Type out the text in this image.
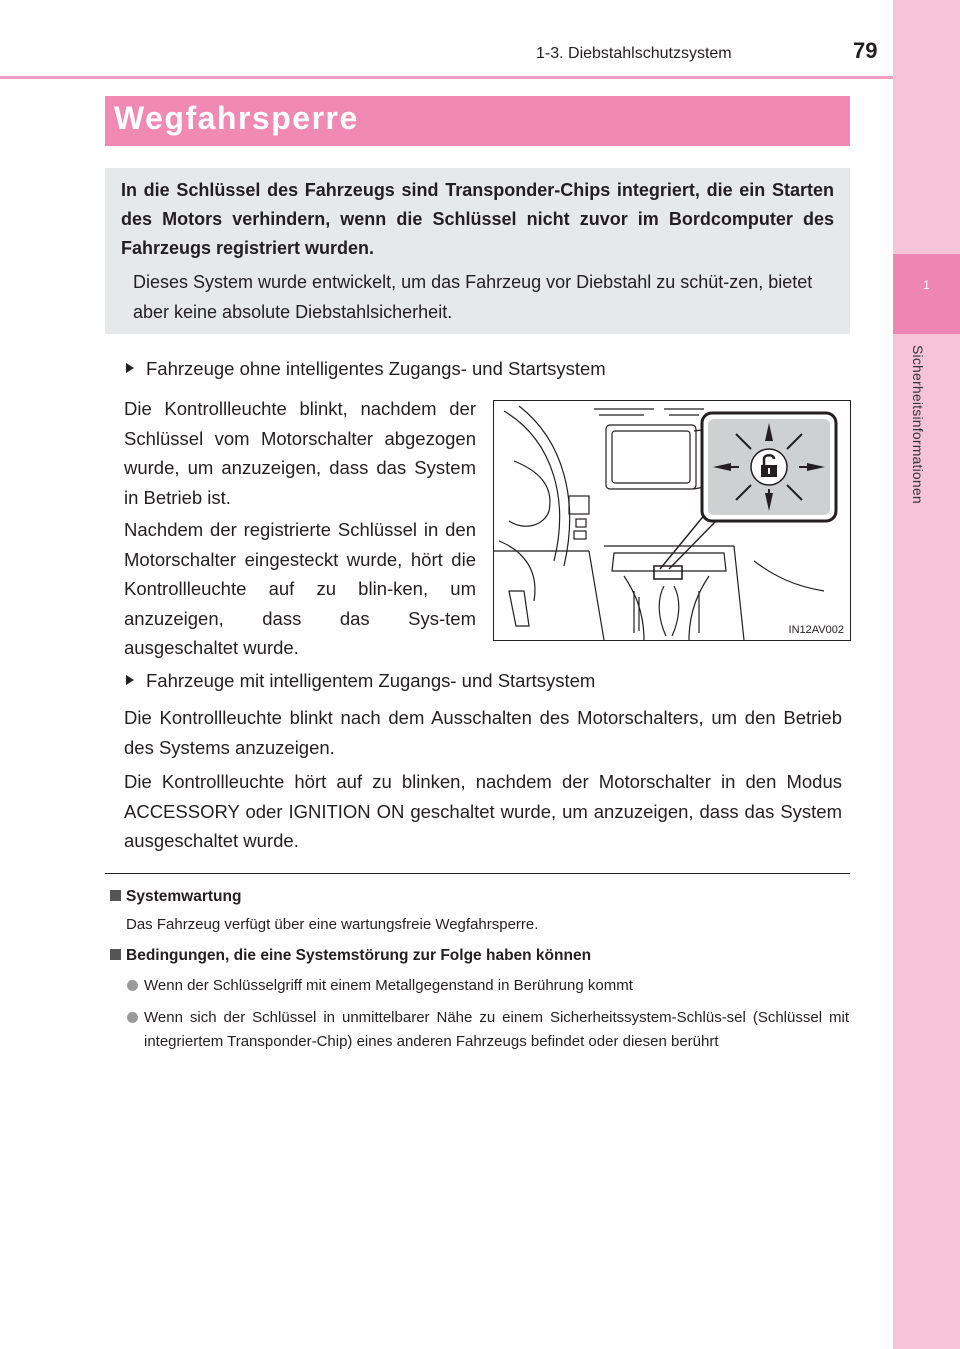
1
Sicherheitsinformationen
1-3. Diebstahlschutzsystem	79
Wegfahrsperre
In die Schlüssel des Fahrzeugs sind Transponder-Chips integriert, die ein Starten des Motors verhindern, wenn die Schlüssel nicht zuvor im Bordcomputer des Fahrzeugs registriert wurden.
Dieses System wurde entwickelt, um das Fahrzeug vor Diebstahl zu schüt-zen, bietet aber keine absolute Diebstahlsicherheit.
Fahrzeuge ohne intelligentes Zugangs- und Startsystem
Die Kontrollleuchte blinkt, nachdem der Schlüssel vom Motorschalter abgezogen wurde, um anzuzeigen, dass das System in Betrieb ist.
Nachdem der registrierte Schlüssel in den Motorschalter eingesteckt wurde, hört die Kontrollleuchte auf zu blin-ken, um anzuzeigen, dass das Sys-tem ausgeschaltet wurde.
IN12AV002
Fahrzeuge mit intelligentem Zugangs- und Startsystem
Die Kontrollleuchte blinkt nach dem Ausschalten des Motorschalters, um den Betrieb des Systems anzuzeigen.
Die Kontrollleuchte hört auf zu blinken, nachdem der Motorschalter in den Modus ACCESSORY oder IGNITION ON geschaltet wurde, um anzuzeigen, dass das System ausgeschaltet wurde.
Systemwartung
Das Fahrzeug verfügt über eine wartungsfreie Wegfahrsperre.
Bedingungen, die eine Systemstörung zur Folge haben können
Wenn der Schlüsselgriff mit einem Metallgegenstand in Berührung kommt
Wenn sich der Schlüssel in unmittelbarer Nähe zu einem Sicherheitssystem-Schlüs-sel (Schlüssel mit integriertem Transponder-Chip) eines anderen Fahrzeugs befindet oder diesen berührt
